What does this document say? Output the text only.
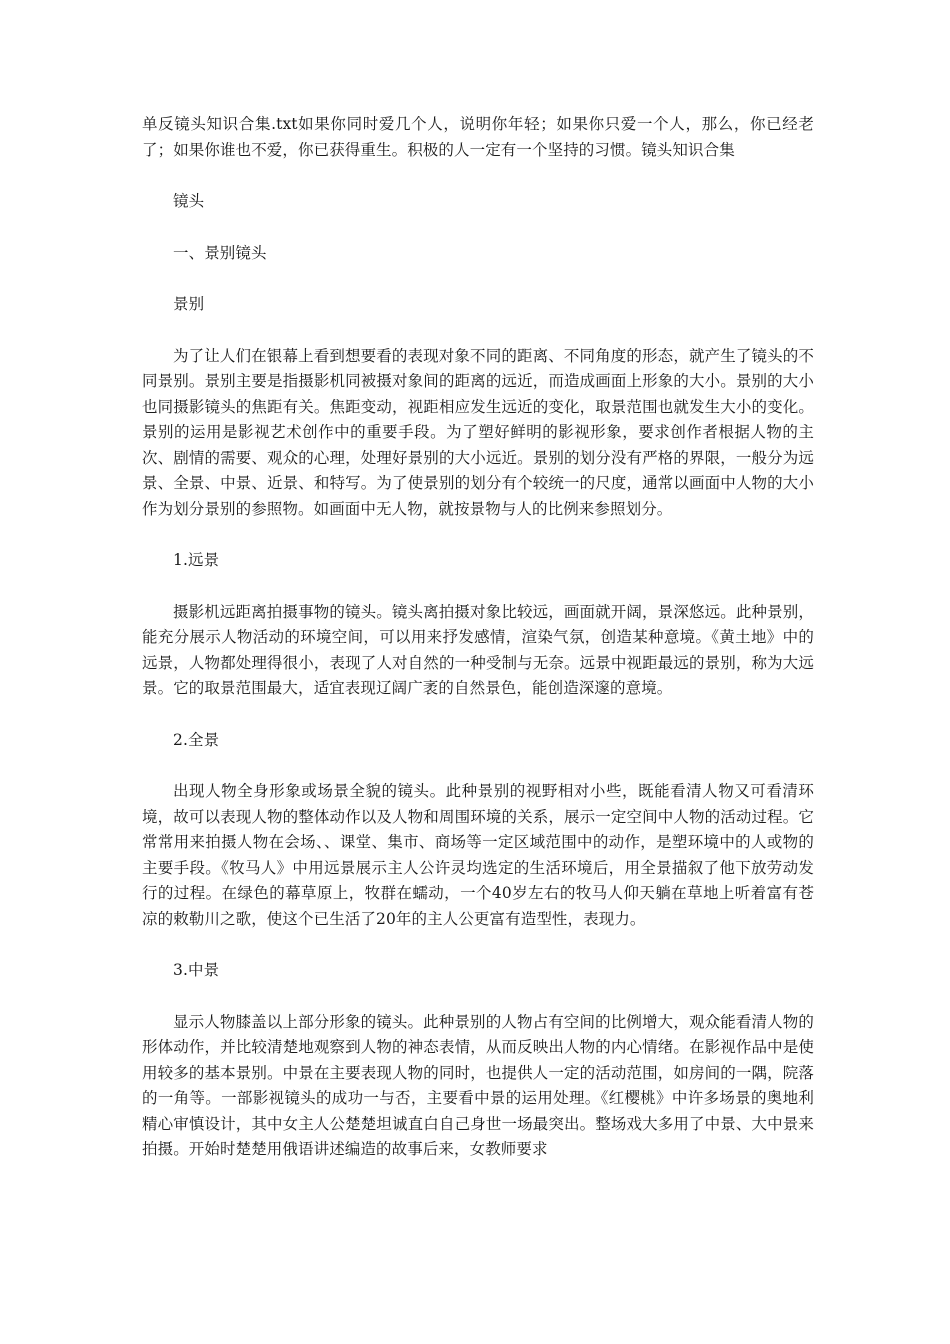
单反镜头知识合集.txt如果你同时爱几个人，说明你年轻；如果你只爱一个人，那么，你已经老了；如果你谁也不爱，你已获得重生。积极的人一定有一个坚持的习惯。镜头知识合集

镜头

一、景别镜头

景别

为了让人们在银幕上看到想要看的表现对象不同的距离、不同角度的形态，就产生了镜头的不同景别。景别主要是指摄影机同被摄对象间的距离的远近，而造成画面上形象的大小。景别的大小也同摄影镜头的焦距有关。焦距变动，视距相应发生远近的变化，取景范围也就发生大小的变化。景别的运用是影视艺术创作中的重要手段。为了塑好鲜明的影视形象，要求创作者根据人物的主次、剧情的需要、观众的心理，处理好景别的大小远近。景别的划分没有严格的界限，一般分为远景、全景、中景、近景、和特写。为了使景别的划分有个较统一的尺度，通常以画面中人物的大小作为划分景别的参照物。如画面中无人物，就按景物与人的比例来参照划分。

1.远景

摄影机远距离拍摄事物的镜头。镜头离拍摄对象比较远，画面就开阔，景深悠远。此种景别，能充分展示人物活动的环境空间，可以用来抒发感情，渲染气氛，创造某种意境。《黄土地》中的远景，人物都处理得很小，表现了人对自然的一种受制与无奈。远景中视距最远的景别，称为大远景。它的取景范围最大，适宜表现辽阔广袤的自然景色，能创造深邃的意境。

2.全景

出现人物全身形象或场景全貌的镜头。此种景别的视野相对小些，既能看清人物又可看清环境，故可以表现人物的整体动作以及人物和周围环境的关系，展示一定空间中人物的活动过程。它常常用来拍摄人物在会场、、课堂、集市、商场等一定区域范围中的动作，是塑环境中的人或物的主要手段。《牧马人》中用远景展示主人公许灵均选定的生活环境后，用全景描叙了他下放劳动发行的过程。在绿色的幕草原上，牧群在蠕动，一个40岁左右的牧马人仰天躺在草地上听着富有苍凉的敕勒川之歌，使这个已生活了20年的主人公更富有造型性，表现力。

3.中景

显示人物膝盖以上部分形象的镜头。此种景别的人物占有空间的比例增大，观众能看清人物的形体动作，并比较清楚地观察到人物的神态表情，从而反映出人物的内心情绪。在影视作品中是使用较多的基本景别。中景在主要表现人物的同时，也提供人一定的活动范围，如房间的一隅，院落的一角等。一部影视镜头的成功一与否，主要看中景的运用处理。《红樱桃》中许多场景的奥地利精心审慎设计，其中女主人公楚楚坦诚直白自己身世一场最突出。整场戏大多用了中景、大中景来拍摄。开始时楚楚用俄语讲述编造的故事后来，女教师要求
